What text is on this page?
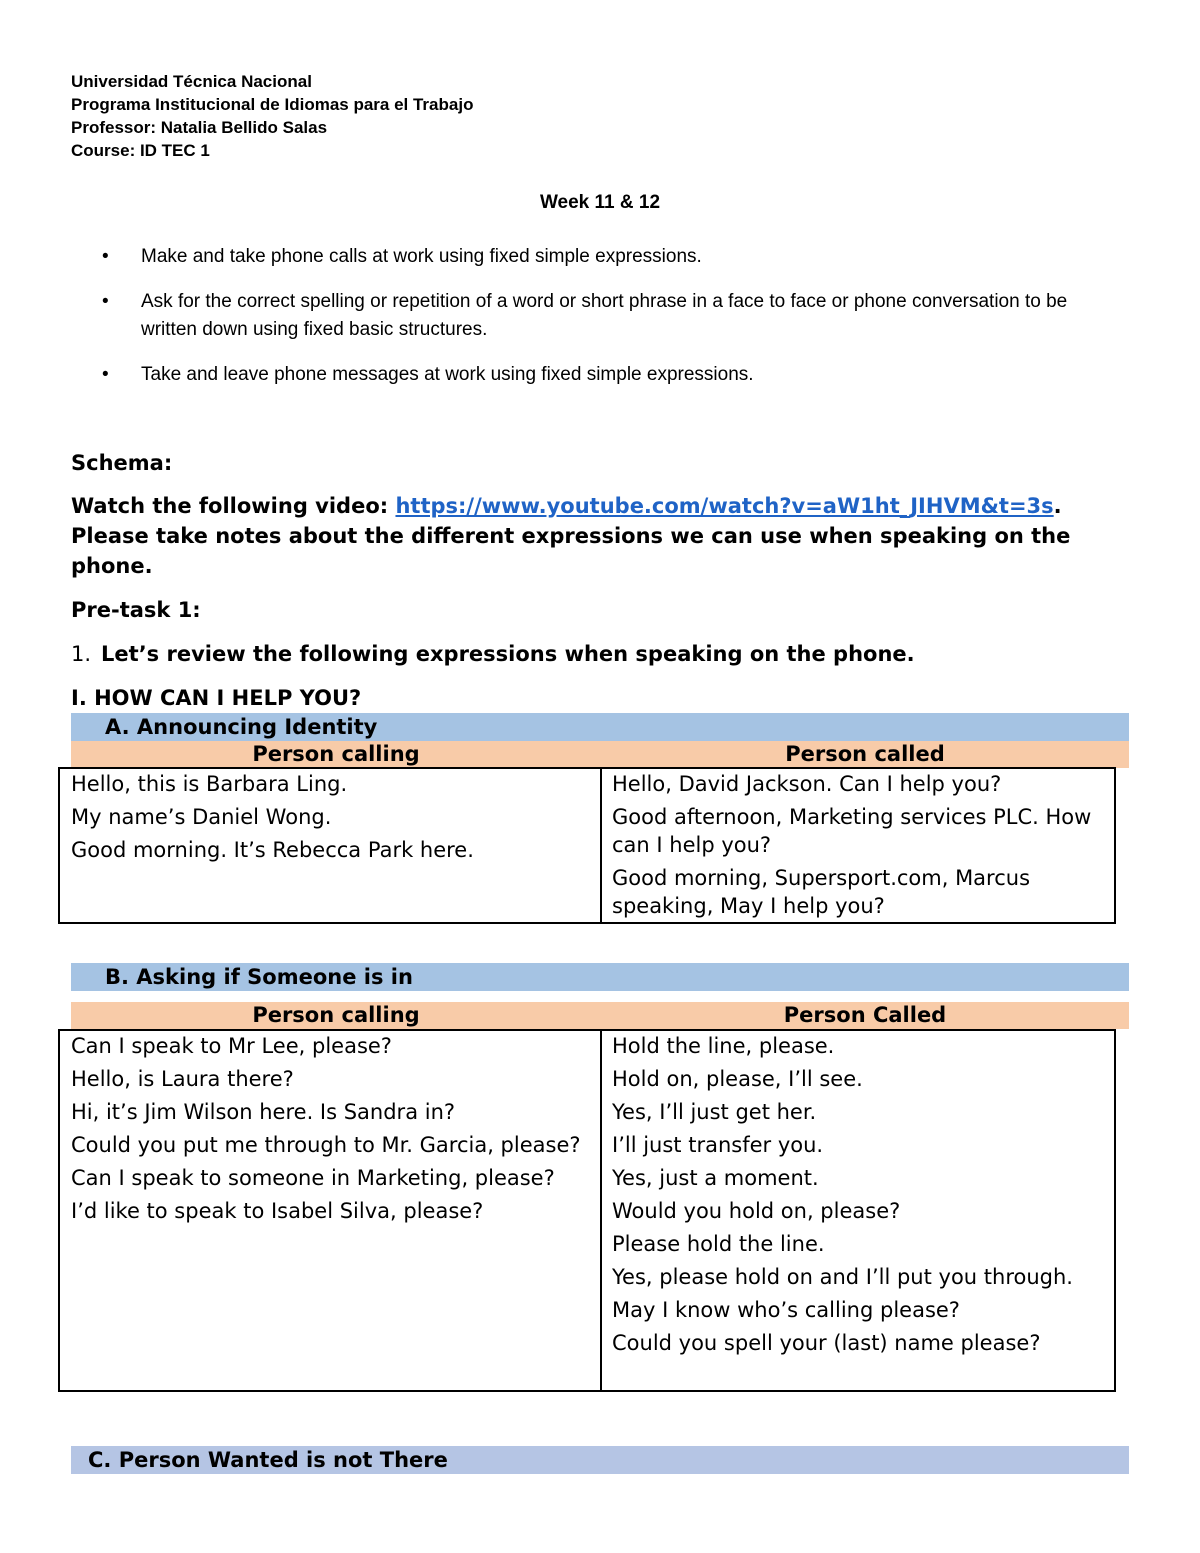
Universidad Técnica Nacional
Programa Institucional de Idiomas para el Trabajo
Professor: Natalia Bellido Salas
Course: ID TEC 1
Week 11 & 12
• Make and take phone calls at work using fixed simple expressions.
• Ask for the correct spelling or repetition of a word or short phrase in a face to face or phone conversation to be written down using fixed basic structures.
• Take and leave phone messages at work using fixed simple expressions.
Schema:
Watch the following video: https://www.youtube.com/watch?v=aW1ht_JIHVM&t=3s. Please take notes about the different expressions we can use when speaking on the phone.
Pre-task 1:
1. Let’s review the following expressions when speaking on the phone.
I. HOW CAN I HELP YOU?
A. Announcing Identity
Person calling	Person called
Hello, this is Barbara Ling.
My name’s Daniel Wong.
Good morning. It’s Rebecca Park here.
Hello, David Jackson. Can I help you?
Good afternoon, Marketing services PLC. How can I help you?
Good morning, Supersport.com, Marcus speaking, May I help you?
B. Asking if Someone is in
Person calling	Person Called
Can I speak to Mr Lee, please?
Hello, is Laura there?
Hi, it’s Jim Wilson here. Is Sandra in?
Could you put me through to Mr. Garcia, please?
Can I speak to someone in Marketing, please?
I’d like to speak to Isabel Silva, please?
Hold the line, please.
Hold on, please, I’ll see.
Yes, I’ll just get her.
I’ll just transfer you.
Yes, just a moment.
Would you hold on, please?
Please hold the line.
Yes, please hold on and I’ll put you through.
May I know who’s calling please?
Could you spell your (last) name please?
C. Person Wanted is not There
